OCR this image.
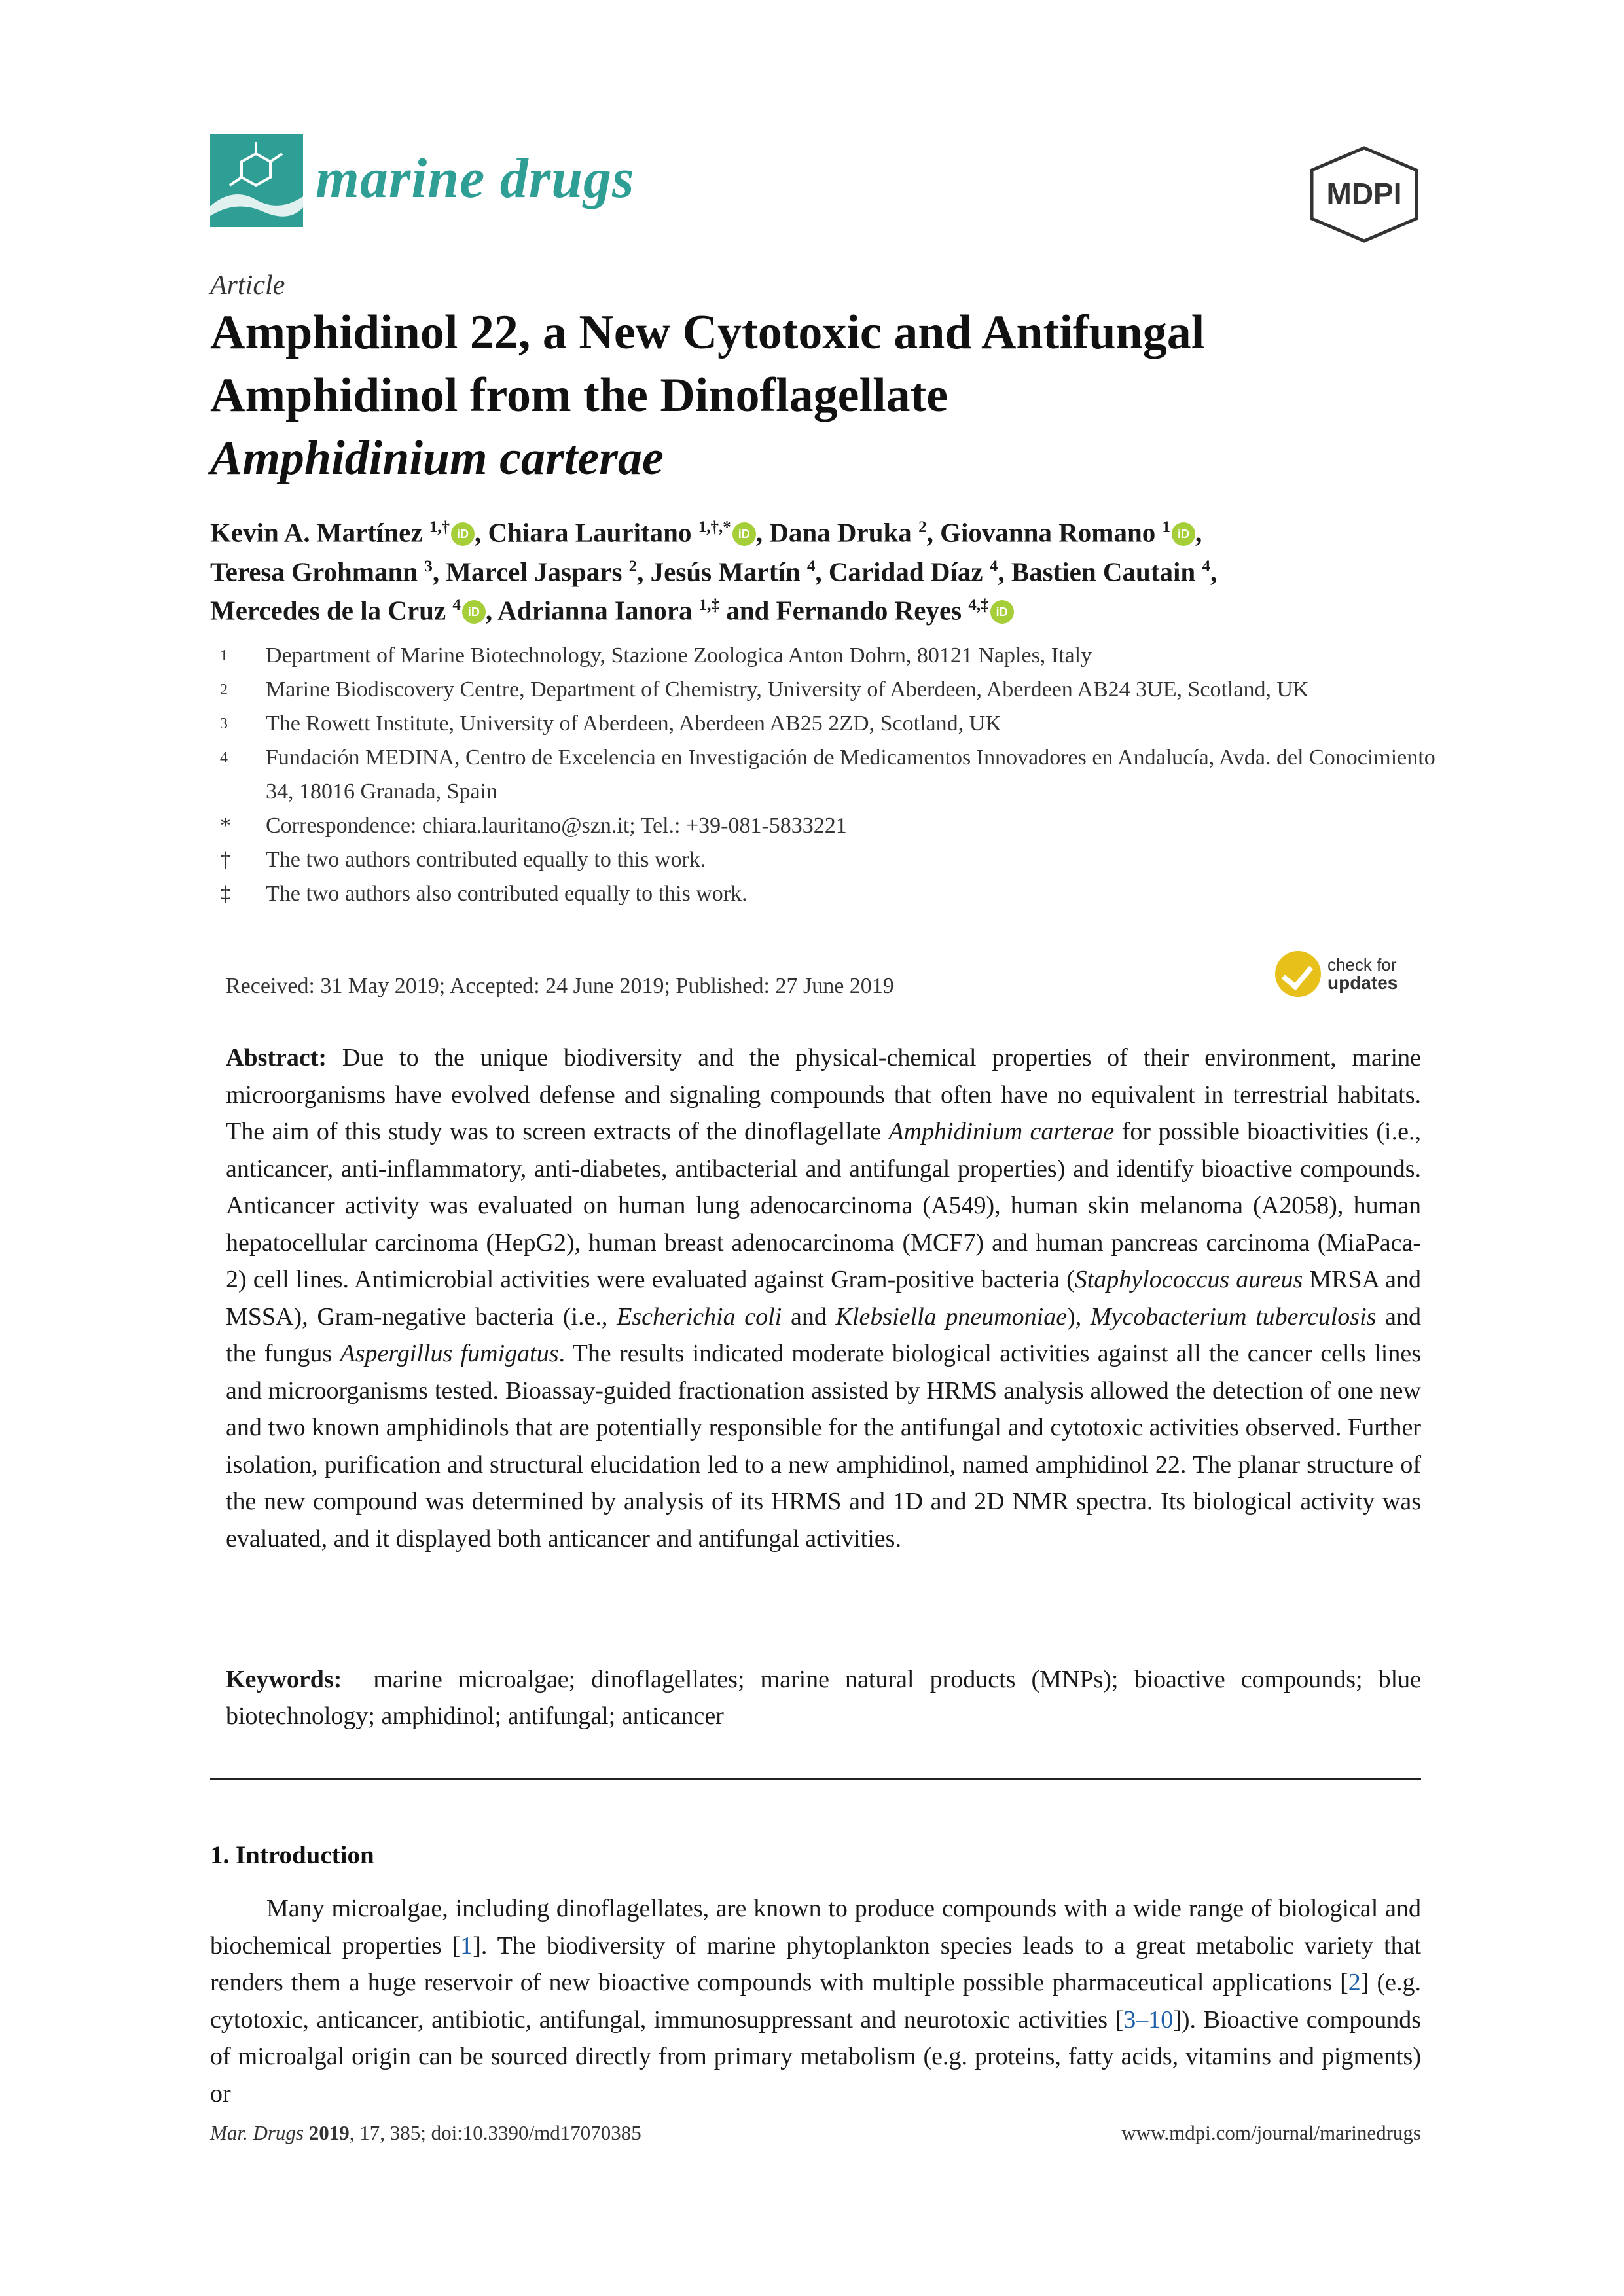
marine drugs	MDPI
Article
Amphidinol 22, a New Cytotoxic and Antifungal
Amphidinol from the Dinoflagellate
Amphidinium carterae
Kevin A. Martínez $^{1,\dagger}$ iD , Chiara Lauritano $^{1,\dagger,*}$ iD , Dana Druka $^2$, Giovanna Romano $^1$ iD ,
Teresa Grohmann $^3$, Marcel Jaspars $^2$, Jesús Martín $^4$, Caridad Díaz $^4$, Bastien Cautain $^4$,
Mercedes de la Cruz $^4$ iD , Adrianna Ianora $^{1,\ddagger}$ and Fernando Reyes $^{4,\ddagger}$ iD
1	Department of Marine Biotechnology, Stazione Zoologica Anton Dohrn, 80121 Naples, Italy
2	Marine Biodiscovery Centre, Department of Chemistry, University of Aberdeen, Aberdeen AB24 3UE, Scotland, UK
3	The Rowett Institute, University of Aberdeen, Aberdeen AB25 2ZD, Scotland, UK
4	Fundación MEDINA, Centro de Excelencia en Investigación de Medicamentos Innovadores en Andalucía, Avda. del Conocimiento 34, 18016 Granada, Spain
*	Correspondence: chiara.lauritano@szn.it; Tel.: +39-081-5833221
†	The two authors contributed equally to this work.
‡	The two authors also contributed equally to this work.
Received: 31 May 2019; Accepted: 24 June 2019; Published: 27 June 2019
check for
updates
Abstract: Due to the unique biodiversity and the physical-chemical properties of their environment, marine microorganisms have evolved defense and signaling compounds that often have no equivalent in terrestrial habitats. The aim of this study was to screen extracts of the dinoflagellate Amphidinium carterae for possible bioactivities (i.e., anticancer, anti-inflammatory, anti-diabetes, antibacterial and antifungal properties) and identify bioactive compounds. Anticancer activity was evaluated on human lung adenocarcinoma (A549), human skin melanoma (A2058), human hepatocellular carcinoma (HepG2), human breast adenocarcinoma (MCF7) and human pancreas carcinoma (MiaPaca-2) cell lines. Antimicrobial activities were evaluated against Gram-positive bacteria (Staphylococcus aureus MRSA and MSSA), Gram-negative bacteria (i.e., Escherichia coli and Klebsiella pneumoniae), Mycobacterium tuberculosis and the fungus Aspergillus fumigatus. The results indicated moderate biological activities against all the cancer cells lines and microorganisms tested. Bioassay-guided fractionation assisted by HRMS analysis allowed the detection of one new and two known amphidinols that are potentially responsible for the antifungal and cytotoxic activities observed. Further isolation, purification and structural elucidation led to a new amphidinol, named amphidinol 22. The planar structure of the new compound was determined by analysis of its HRMS and 1D and 2D NMR spectra. Its biological activity was evaluated, and it displayed both anticancer and antifungal activities.
Keywords: marine microalgae; dinoflagellates; marine natural products (MNPs); bioactive compounds; blue biotechnology; amphidinol; antifungal; anticancer
1. Introduction
Many microalgae, including dinoflagellates, are known to produce compounds with a wide range of biological and biochemical properties [1]. The biodiversity of marine phytoplankton species leads to a great metabolic variety that renders them a huge reservoir of new bioactive compounds with multiple possible pharmaceutical applications [2] (e.g. cytotoxic, anticancer, antibiotic, antifungal, immunosuppressant and neurotoxic activities [3–10]). Bioactive compounds of microalgal origin can be sourced directly from primary metabolism (e.g. proteins, fatty acids, vitamins and pigments) or
Mar. Drugs 2019, 17, 385; doi:10.3390/md17070385	www.mdpi.com/journal/marinedrugs
